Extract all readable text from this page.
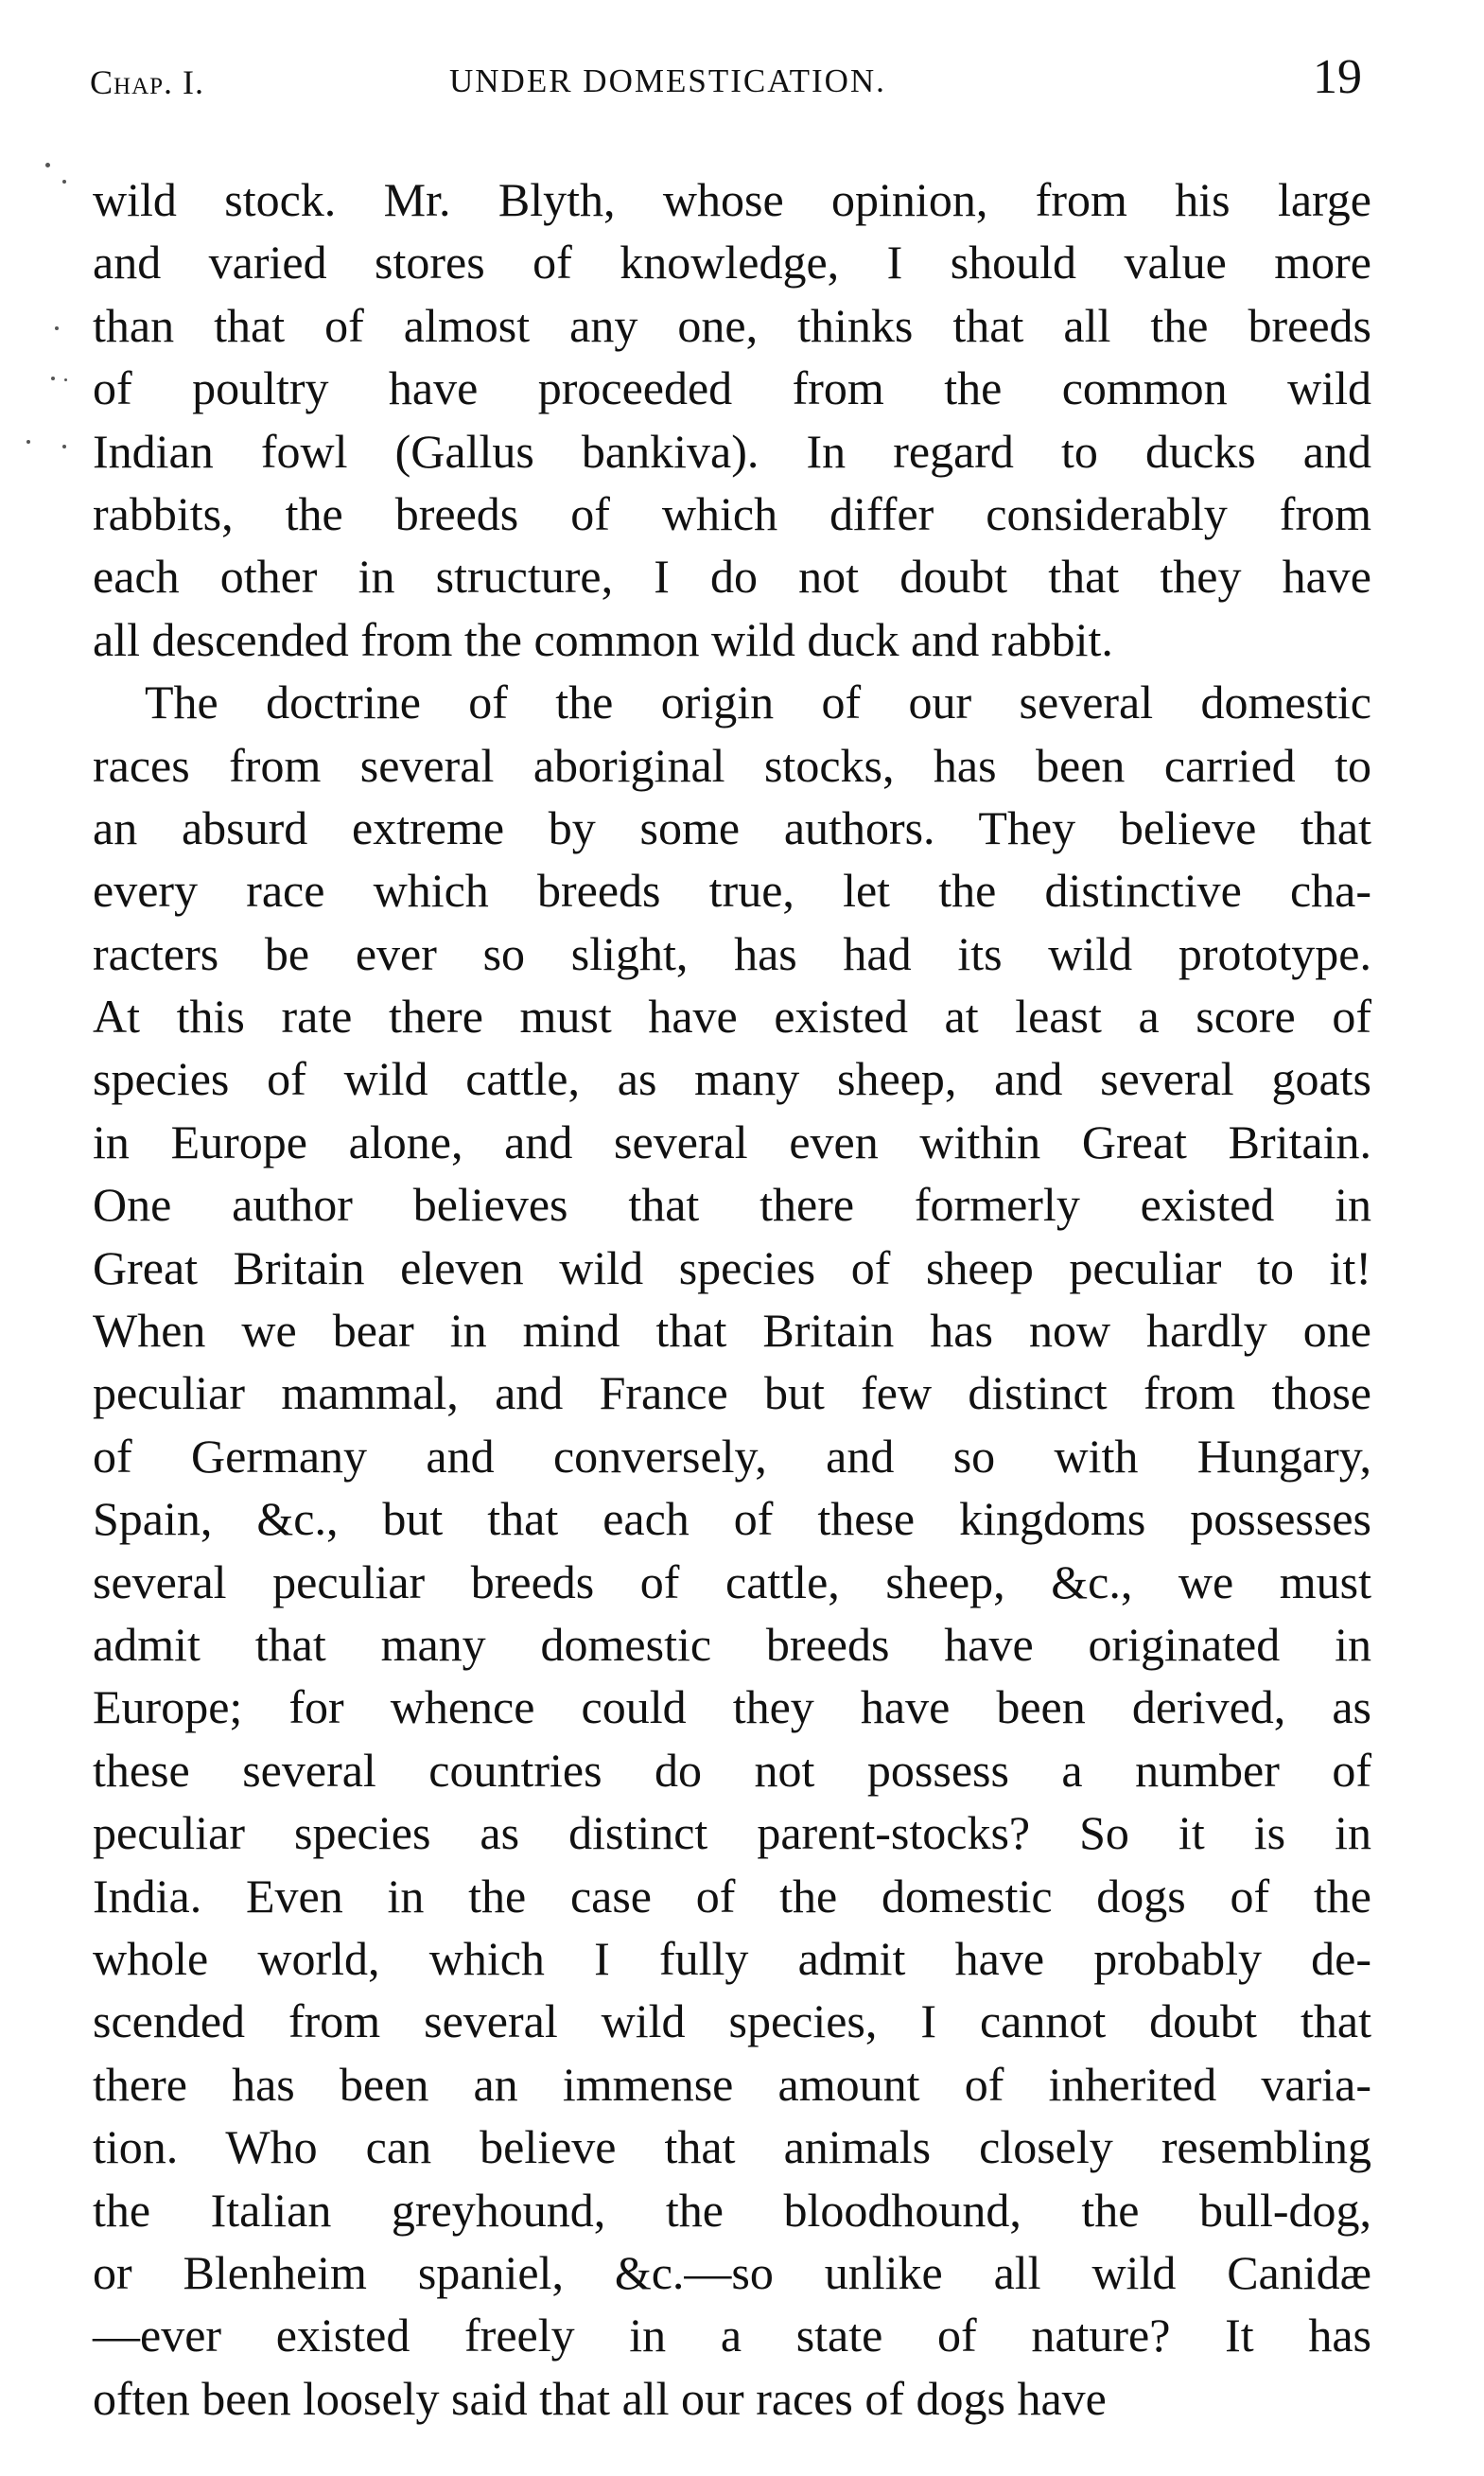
Chap. I.	UNDER DOMESTICATION.	19
wild stock. Mr. Blyth, whose opinion, from his large
and varied stores of knowledge, I should value more
than that of almost any one, thinks that all the breeds
of poultry have proceeded from the common wild
Indian fowl (Gallus bankiva). In regard to ducks and
rabbits, the breeds of which differ considerably from
each other in structure, I do not doubt that they have
all descended from the common wild duck and rabbit.
The doctrine of the origin of our several domestic
races from several aboriginal stocks, has been carried to
an absurd extreme by some authors. They believe that
every race which breeds true, let the distinctive cha-
racters be ever so slight, has had its wild prototype.
At this rate there must have existed at least a score of
species of wild cattle, as many sheep, and several goats
in Europe alone, and several even within Great Britain.
One author believes that there formerly existed in
Great Britain eleven wild species of sheep peculiar to it!
When we bear in mind that Britain has now hardly one
peculiar mammal, and France but few distinct from those
of Germany and conversely, and so with Hungary,
Spain, &c., but that each of these kingdoms possesses
several peculiar breeds of cattle, sheep, &c., we must
admit that many domestic breeds have originated in
Europe; for whence could they have been derived, as
these several countries do not possess a number of
peculiar species as distinct parent-stocks? So it is in
India. Even in the case of the domestic dogs of the
whole world, which I fully admit have probably de-
scended from several wild species, I cannot doubt that
there has been an immense amount of inherited varia-
tion. Who can believe that animals closely resembling
the Italian greyhound, the bloodhound, the bull-dog,
or Blenheim spaniel, &c.—so unlike all wild Canidæ
—ever existed freely in a state of nature? It has
often been loosely said that all our races of dogs have
